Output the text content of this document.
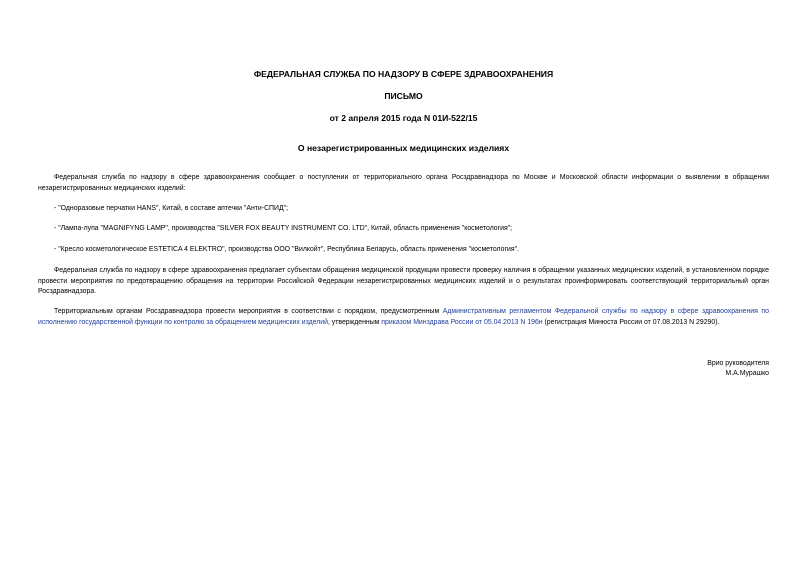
ФЕДЕРАЛЬНАЯ СЛУЖБА ПО НАДЗОРУ В СФЕРЕ ЗДРАВООХРАНЕНИЯ
ПИСЬМО
от 2 апреля 2015 года N 01И-522/15
О незарегистрированных медицинских изделиях
Федеральная служба по надзору в сфере здравоохранения сообщает о поступлении от территориального органа Росздравнадзора по Москве и Московской области информации о выявлении в обращении незарегистрированных медицинских изделий:
- "Одноразовые перчатки HANS", Китай, в составе аптечки "Анти-СПИД";
- "Лампа-лупа "MAGNIFYNG LAMP", производства "SILVER FOX BEAUTY INSTRUMENT CO. LTD", Китай, область применения "косметология";
- "Кресло косметологическое ESTETICA 4 ELEKTRO", производства ООО "Вилкойт", Республика Беларусь, область применения "косметология".
Федеральная служба по надзору в сфере здравоохранения предлагает субъектам обращения медицинской продукции провести проверку наличия в обращении указанных медицинских изделий, в установленном порядке провести мероприятия по предотвращению обращения на территории Российской Федерации незарегистрированных медицинских изделий и о результатах проинформировать соответствующий территориальный орган Росздравнадзора.
Территориальным органам Росздравнадзора провести мероприятия в соответствии с порядком, предусмотренным Административным регламентом Федеральной службы по надзору в сфере здравоохранения по исполнению государственной функции по контролю за обращением медицинских изделий, утвержденным приказом Минздрава России от 05.04.2013 N 196н (регистрация Минюста России от 07.08.2013 N 29290).
Врио руководителя
М.А.Мурашко
